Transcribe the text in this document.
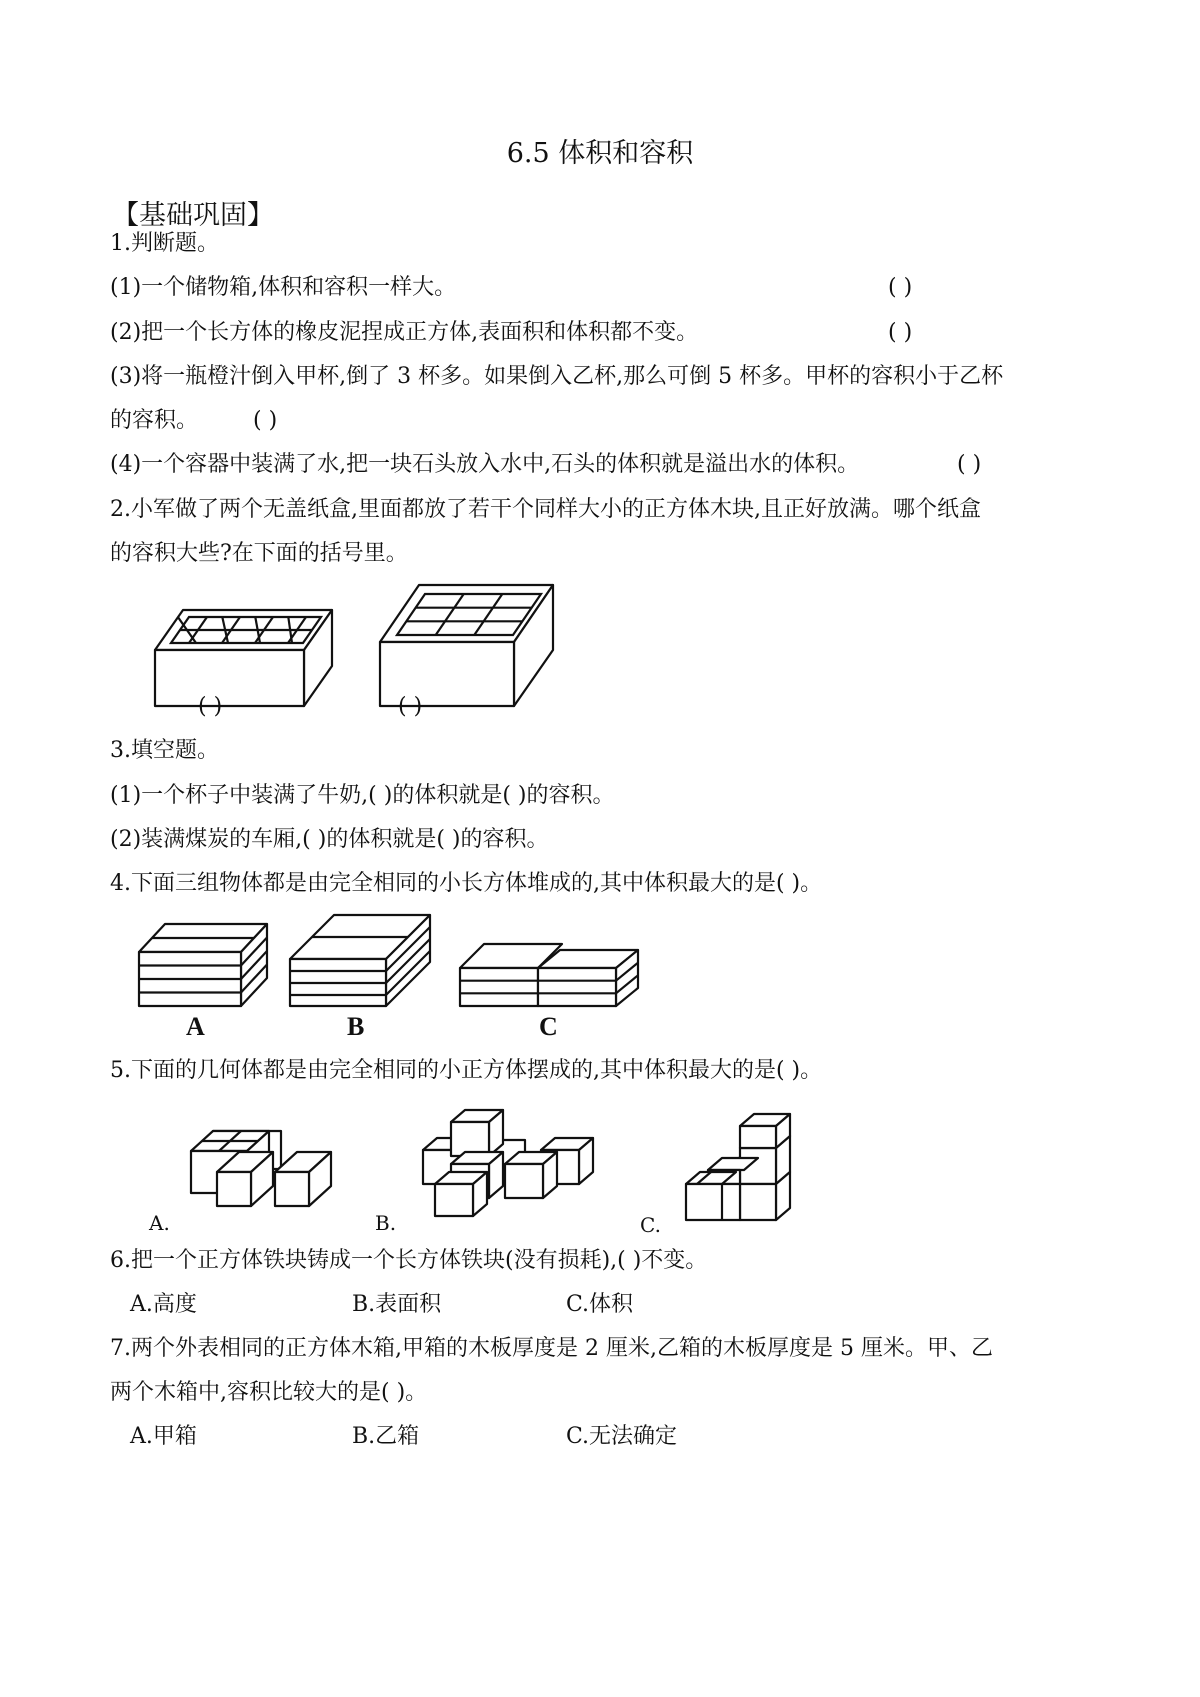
6.5 体积和容积
【基础巩固】
1.判断题。
(1)一个储物箱,体积和容积一样大。	( )
(2)把一个长方体的橡皮泥捏成正方体,表面积和体积都不变。	( )
(3)将一瓶橙汁倒入甲杯,倒了 3 杯多。如果倒入乙杯,那么可倒 5 杯多。甲杯的容积小于乙杯
的容积。 ( )
(4)一个容器中装满了水,把一块石头放入水中,石头的体积就是溢出水的体积。	( )
2.小军做了两个无盖纸盒,里面都放了若干个同样大小的正方体木块,且正好放满。哪个纸盒
的容积大些?在下面的括号里。
( )	( )
3.填空题。
(1)一个杯子中装满了牛奶,( )的体积就是( )的容积。
(2)装满煤炭的车厢,( )的体积就是( )的容积。
4.下面三组物体都是由完全相同的小长方体堆成的,其中体积最大的是( )。
A	B	C
5.下面的几何体都是由完全相同的小正方体摆成的,其中体积最大的是( )。
A.	B.	C.
6.把一个正方体铁块铸成一个长方体铁块(没有损耗),( )不变。
A.高度	B.表面积	C.体积
7.两个外表相同的正方体木箱,甲箱的木板厚度是 2 厘米,乙箱的木板厚度是 5 厘米。甲、乙
两个木箱中,容积比较大的是( )。
A.甲箱	B.乙箱	C.无法确定
